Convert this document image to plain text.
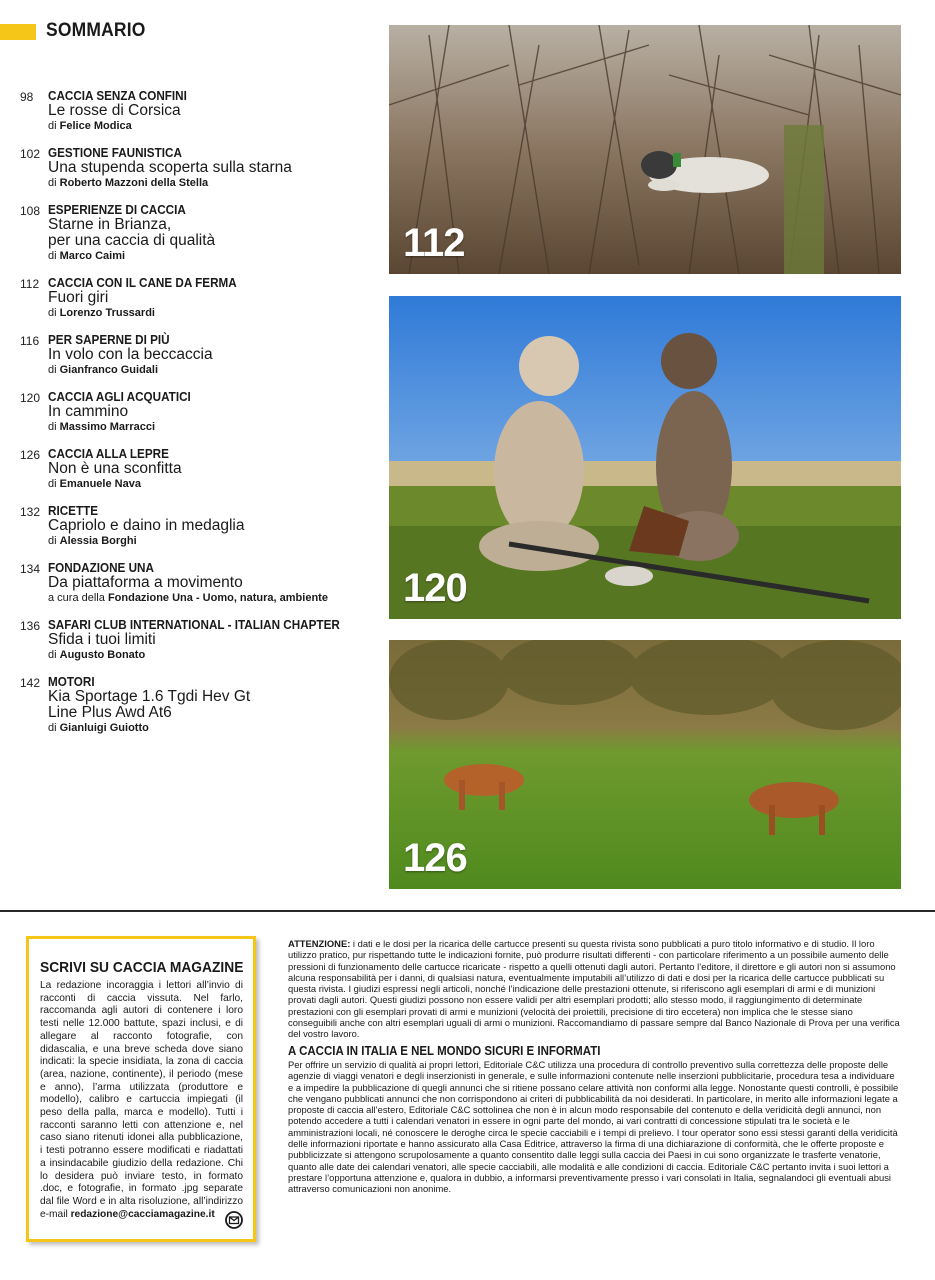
SOMMARIO
98	CACCIA SENZA CONFINI
Le rosse di Corsica
di Felice Modica
102 GESTIONE FAUNISTICA
Una stupenda scoperta sulla starna
di Roberto Mazzoni della Stella
108 ESPERIENZE DI CACCIA
Starne in Brianza,
per una caccia di qualità
di Marco Caimi
112 CACCIA CON IL CANE DA FERMA
Fuori giri
di Lorenzo Trussardi
116 PER SAPERNE DI PIÙ
In volo con la beccaccia
di Gianfranco Guidali
120 CACCIA AGLI ACQUATICI
In cammino
di Massimo Marracci
126 CACCIA ALLA LEPRE
Non è una sconfitta
di Emanuele Nava
132 RICETTE
Capriolo e daino in medaglia
di Alessia Borghi
134 FONDAZIONE UNA
Da piattaforma a movimento
a cura della Fondazione Una - Uomo, natura, ambiente
136 SAFARI CLUB INTERNATIONAL - ITALIAN CHAPTER
Sfida i tuoi limiti
di Augusto Bonato
142 MOTORI
Kia Sportage 1.6 Tgdi Hev Gt
Line Plus Awd At6
di Gianluigi Guiotto
112
120
126
SCRIVI SU CACCIA MAGAZINE

La redazione incoraggia i lettori all’invio di racconti di caccia vissuta. Nel farlo, raccomanda agli autori di contenere i loro testi nelle 12.000 battute, spazi inclusi, e di allegare al racconto fotografie, con didascalia, e una breve scheda dove siano indicati: la specie insidiata, la zona di caccia (area, nazione, continente), il periodo (mese e anno), l’arma utilizzata (produttore e modello), calibro e cartuccia impiegati (il peso della palla, marca e modello). Tutti i racconti saranno letti con attenzione e, nel caso siano ritenuti idonei alla pubblicazione, i testi potranno essere modificati e riadattati a insindacabile giudizio della redazione. Chi lo desidera può inviare testo, in formato .doc, e fotografie, in formato .jpg separate dal file Word e in alta risoluzione, all’indirizzo e-mail redazione@cacciamagazine.it

ATTENZIONE: i dati e le dosi per la ricarica delle cartucce presenti su questa rivista sono pubblicati a puro titolo informativo e di studio. Il loro utilizzo pratico, pur rispettando tutte le indicazioni fornite, può produrre risultati differenti - con particolare riferimento a un possibile aumento delle pressioni di funzionamento delle cartucce ricaricate - rispetto a quelli ottenuti dagli autori. Pertanto l’editore, il direttore e gli autori non si assumono alcuna responsabilità per i danni, di qualsiasi natura, eventualmente imputabili all’utilizzo di dati e dosi per la ricarica delle cartucce pubblicati su questa rivista. I giudizi espressi negli articoli, nonché l’indicazione delle prestazioni ottenute, si riferiscono agli esemplari di armi e di munizioni provati dagli autori. Questi giudizi possono non essere validi per altri esemplari prodotti; allo stesso modo, il raggiungimento di determinate prestazioni con gli esemplari provati di armi e munizioni (velocità dei proiettili, precisione di tiro eccetera) non implica che le stesse siano conseguibili anche con altri esemplari uguali di armi o munizioni. Raccomandiamo di passare sempre dal Banco Nazionale di Prova per una verifica del vostro lavoro.

A CACCIA IN ITALIA E NEL MONDO SICURI E INFORMATI

Per offrire un servizio di qualità ai propri lettori, Editoriale C&C utilizza una procedura di controllo preventivo sulla correttezza delle proposte delle agenzie di viaggi venatori e degli inserzionisti in generale, e sulle informazioni contenute nelle inserzioni pubblicitarie, procedura tesa a individuare e a impedire la pubblicazione di quegli annunci che si ritiene possano celare attività non conformi alla legge. Nonostante questi controlli, è possibile che vengano pubblicati annunci che non corrispondono ai criteri di pubblicabilità da noi desiderati. In particolare, in merito alle informazioni legate a proposte di caccia all’estero, Editoriale C&C sottolinea che non è in alcun modo responsabile del contenuto e della veridicità degli annunci, non potendo accedere a tutti i calendari venatori in essere in ogni parte del mondo, ai vari contratti di concessione stipulati tra le società e le amministrazioni locali, né conoscere le deroghe circa le specie cacciabili e i tempi di prelievo. I tour operator sono essi stessi garanti della veridicità delle informazioni riportate e hanno assicurato alla Casa Editrice, attraverso la firma di una dichiarazione di conformità, che le offerte proposte e pubblicizzate si attengono scrupolosamente a quanto consentito dalle leggi sulla caccia dei Paesi in cui sono organizzate le trasferte venatorie, quanto alle date dei calendari venatori, alle specie cacciabili, alle modalità e alle condizioni di caccia. Editoriale C&C pertanto invita i suoi lettori a prestare l’opportuna attenzione e, qualora in dubbio, a informarsi preventivamente presso i vari consolati in Italia, segnalandoci gli eventuali abusi attraverso comunicazioni non anonime.
